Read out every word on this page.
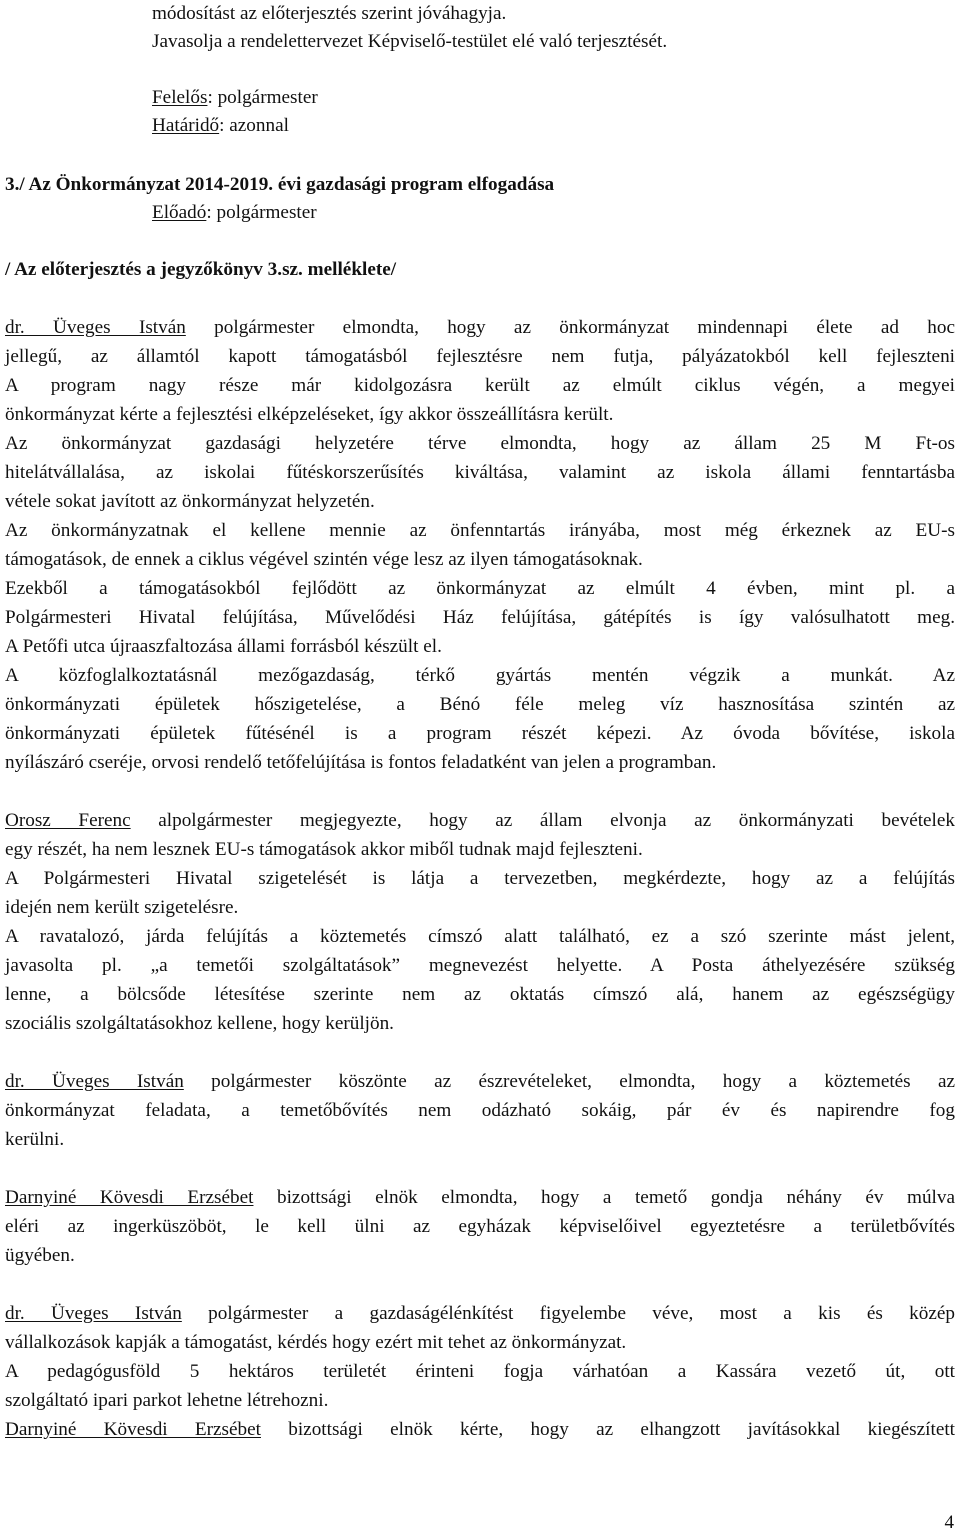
módosítást az előterjesztés szerint jóváhagyja.
Javasolja a rendelettervezet Képviselő-testület elé való terjesztését.
Felelős: polgármester
Határidő: azonnal
3./ Az Önkormányzat 2014-2019. évi gazdasági program elfogadása
Előadó: polgármester
/ Az előterjesztés a jegyzőkönyv 3.sz. melléklete/
dr. Üveges István polgármester elmondta, hogy az önkormányzat mindennapi élete ad hoc
jellegű, az államtól kapott támogatásból fejlesztésre nem futja, pályázatokból kell fejleszteni
A program nagy része már kidolgozásra került az elmúlt ciklus végén, a megyei
önkormányzat kérte a fejlesztési elképzeléseket, így akkor összeállításra került.
Az önkormányzat gazdasági helyzetére térve elmondta, hogy az állam 25 M Ft-os
hitelátvállalása, az iskolai fűtéskorszerűsítés kiváltása, valamint az iskola állami fenntartásba
vétele sokat javított az önkormányzat helyzetén.
Az önkormányzatnak el kellene mennie az önfenntartás irányába, most még érkeznek az EU-s
támogatások, de ennek a ciklus végével szintén vége lesz az ilyen támogatásoknak.
Ezekből a támogatásokból fejlődött az önkormányzat az elmúlt 4 évben, mint pl. a
Polgármesteri Hivatal felújítása, Művelődési Ház felújítása, gátépítés is így valósulhatott meg.
A Petőfi utca újraaszfaltozása állami forrásból készült el.
A közfoglalkoztatásnál mezőgazdaság, térkő gyártás mentén végzik a munkát. Az
önkormányzati épületek hőszigetelése, a Bénó féle meleg víz hasznosítása szintén az
önkormányzati épületek fűtésénél is a program részét képezi. Az óvoda bővítése, iskola
nyílászáró cseréje, orvosi rendelő tetőfelújítása is fontos feladatként van jelen a programban.
Orosz Ferenc alpolgármester megjegyezte, hogy az állam elvonja az önkormányzati bevételek
egy részét, ha nem lesznek EU-s támogatások akkor miből tudnak majd fejleszteni.
A Polgármesteri Hivatal szigetelését is látja a tervezetben, megkérdezte, hogy az a felújítás
idején nem került szigetelésre.
A ravatalozó, járda felújítás a köztemetés címszó alatt található, ez a szó szerinte mást jelent,
javasolta pl. „a temetői szolgáltatások” megnevezést helyette. A Posta áthelyezésére szükség
lenne, a bölcsőde létesítése szerinte nem az oktatás címszó alá, hanem az egészségügy
szociális szolgáltatásokhoz kellene, hogy kerüljön.
dr. Üveges István polgármester köszönte az észrevételeket, elmondta, hogy a köztemetés az
önkormányzat feladata, a temetőbővítés nem odázható sokáig, pár év és napirendre fog
kerülni.
Darnyiné Kövesdi Erzsébet bizottsági elnök elmondta, hogy a temető gondja néhány év múlva
eléri az ingerküszöböt, le kell ülni az egyházak képviselőivel egyeztetésre a területbővítés
ügyében.
dr. Üveges István polgármester a gazdaságélénkítést figyelembe véve, most a kis és közép
vállalkozások kapják a támogatást, kérdés hogy ezért mit tehet az önkormányzat.
A pedagógusföld 5 hektáros területét érinteni fogja várhatóan a Kassára vezető út, ott
szolgáltató ipari parkot lehetne létrehozni.
Darnyiné Kövesdi Erzsébet bizottsági elnök kérte, hogy az elhangzott javításokkal kiegészített
4
